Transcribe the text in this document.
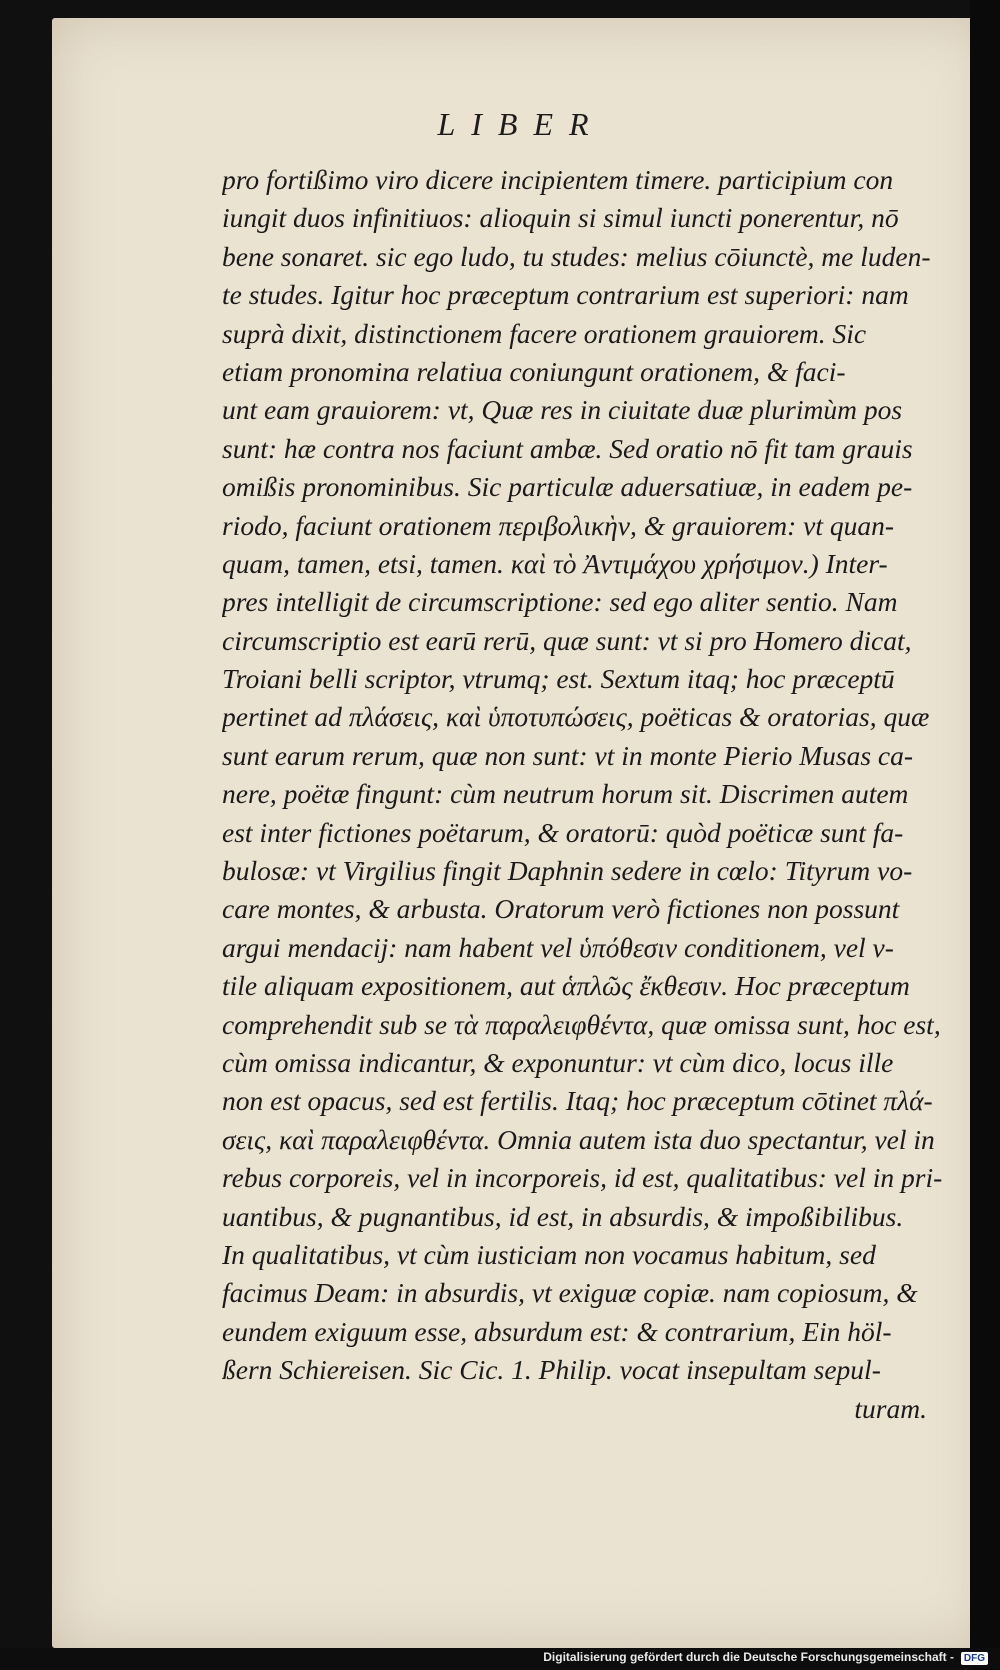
LIBER
pro fortißimo viro dicere incipientem timere. participium con
iungit duos infinitiuos: alioquin si simul iuncti ponerentur, nō
bene sonaret. sic ego ludo, tu studes: melius cōiunctè, me luden-
te studes. Igitur hoc præceptum contrarium est superiori: nam
suprà dixit, distinctionem facere orationem grauiorem. Sic
etiam pronomina relatiua coniungunt orationem, & faci-
unt eam grauiorem: vt, Quæ res in ciuitate duæ plurimùm pos
sunt: hæ contra nos faciunt ambæ. Sed oratio nō fit tam grauis
omißis pronominibus. Sic particulæ aduersatiuæ, in eadem pe-
riodo, faciunt orationem περιβολικὴν, & grauiorem: vt quan-
quam, tamen, etsi, tamen. καὶ τὸ Ἀντιμάχου χρήσιμον.) Inter-
pres intelligit de circumscriptione: sed ego aliter sentio. Nam
circumscriptio est earū rerū, quæ sunt: vt si pro Homero dicat,
Troiani belli scriptor, vtrumq; est. Sextum itaq; hoc præceptū
pertinet ad πλάσεις, καὶ ὑποτυπώσεις, poëticas & oratorias, quæ
sunt earum rerum, quæ non sunt: vt in monte Pierio Musas ca-
nere, poëtæ fingunt: cùm neutrum horum sit. Discrimen autem
est inter fictiones poëtarum, & oratorū: quòd poëticæ sunt fa-
bulosæ: vt Virgilius fingit Daphnin sedere in cœlo: Tityrum vo-
care montes, & arbusta. Oratorum verò fictiones non possunt
argui mendacij: nam habent vel ὑπόθεσιν conditionem, vel v-
tile aliquam expositionem, aut ἁπλῶς ἔκθεσιν. Hoc præceptum
comprehendit sub se τὰ παραλειφθέντα, quæ omissa sunt, hoc est,
cùm omissa indicantur, & exponuntur: vt cùm dico, locus ille
non est opacus, sed est fertilis. Itaq; hoc præceptum cōtinet πλά-
σεις, καὶ παραλειφθέντα. Omnia autem ista duo spectantur, vel in
rebus corporeis, vel in incorporeis, id est, qualitatibus: vel in pri-
uantibus, & pugnantibus, id est, in absurdis, & impoßibilibus.
In qualitatibus, vt cùm iusticiam non vocamus habitum, sed
facimus Deam: in absurdis, vt exiguæ copiæ. nam copiosum, &
eundem exiguum esse, absurdum est: & contrarium, Ein höl-
ßern Schiereisen. Sic Cic. 1. Philip. vocat insepultam sepul-
turam.
Digitalisierung gefördert durch die Deutsche Forschungsgemeinschaft - DFG
